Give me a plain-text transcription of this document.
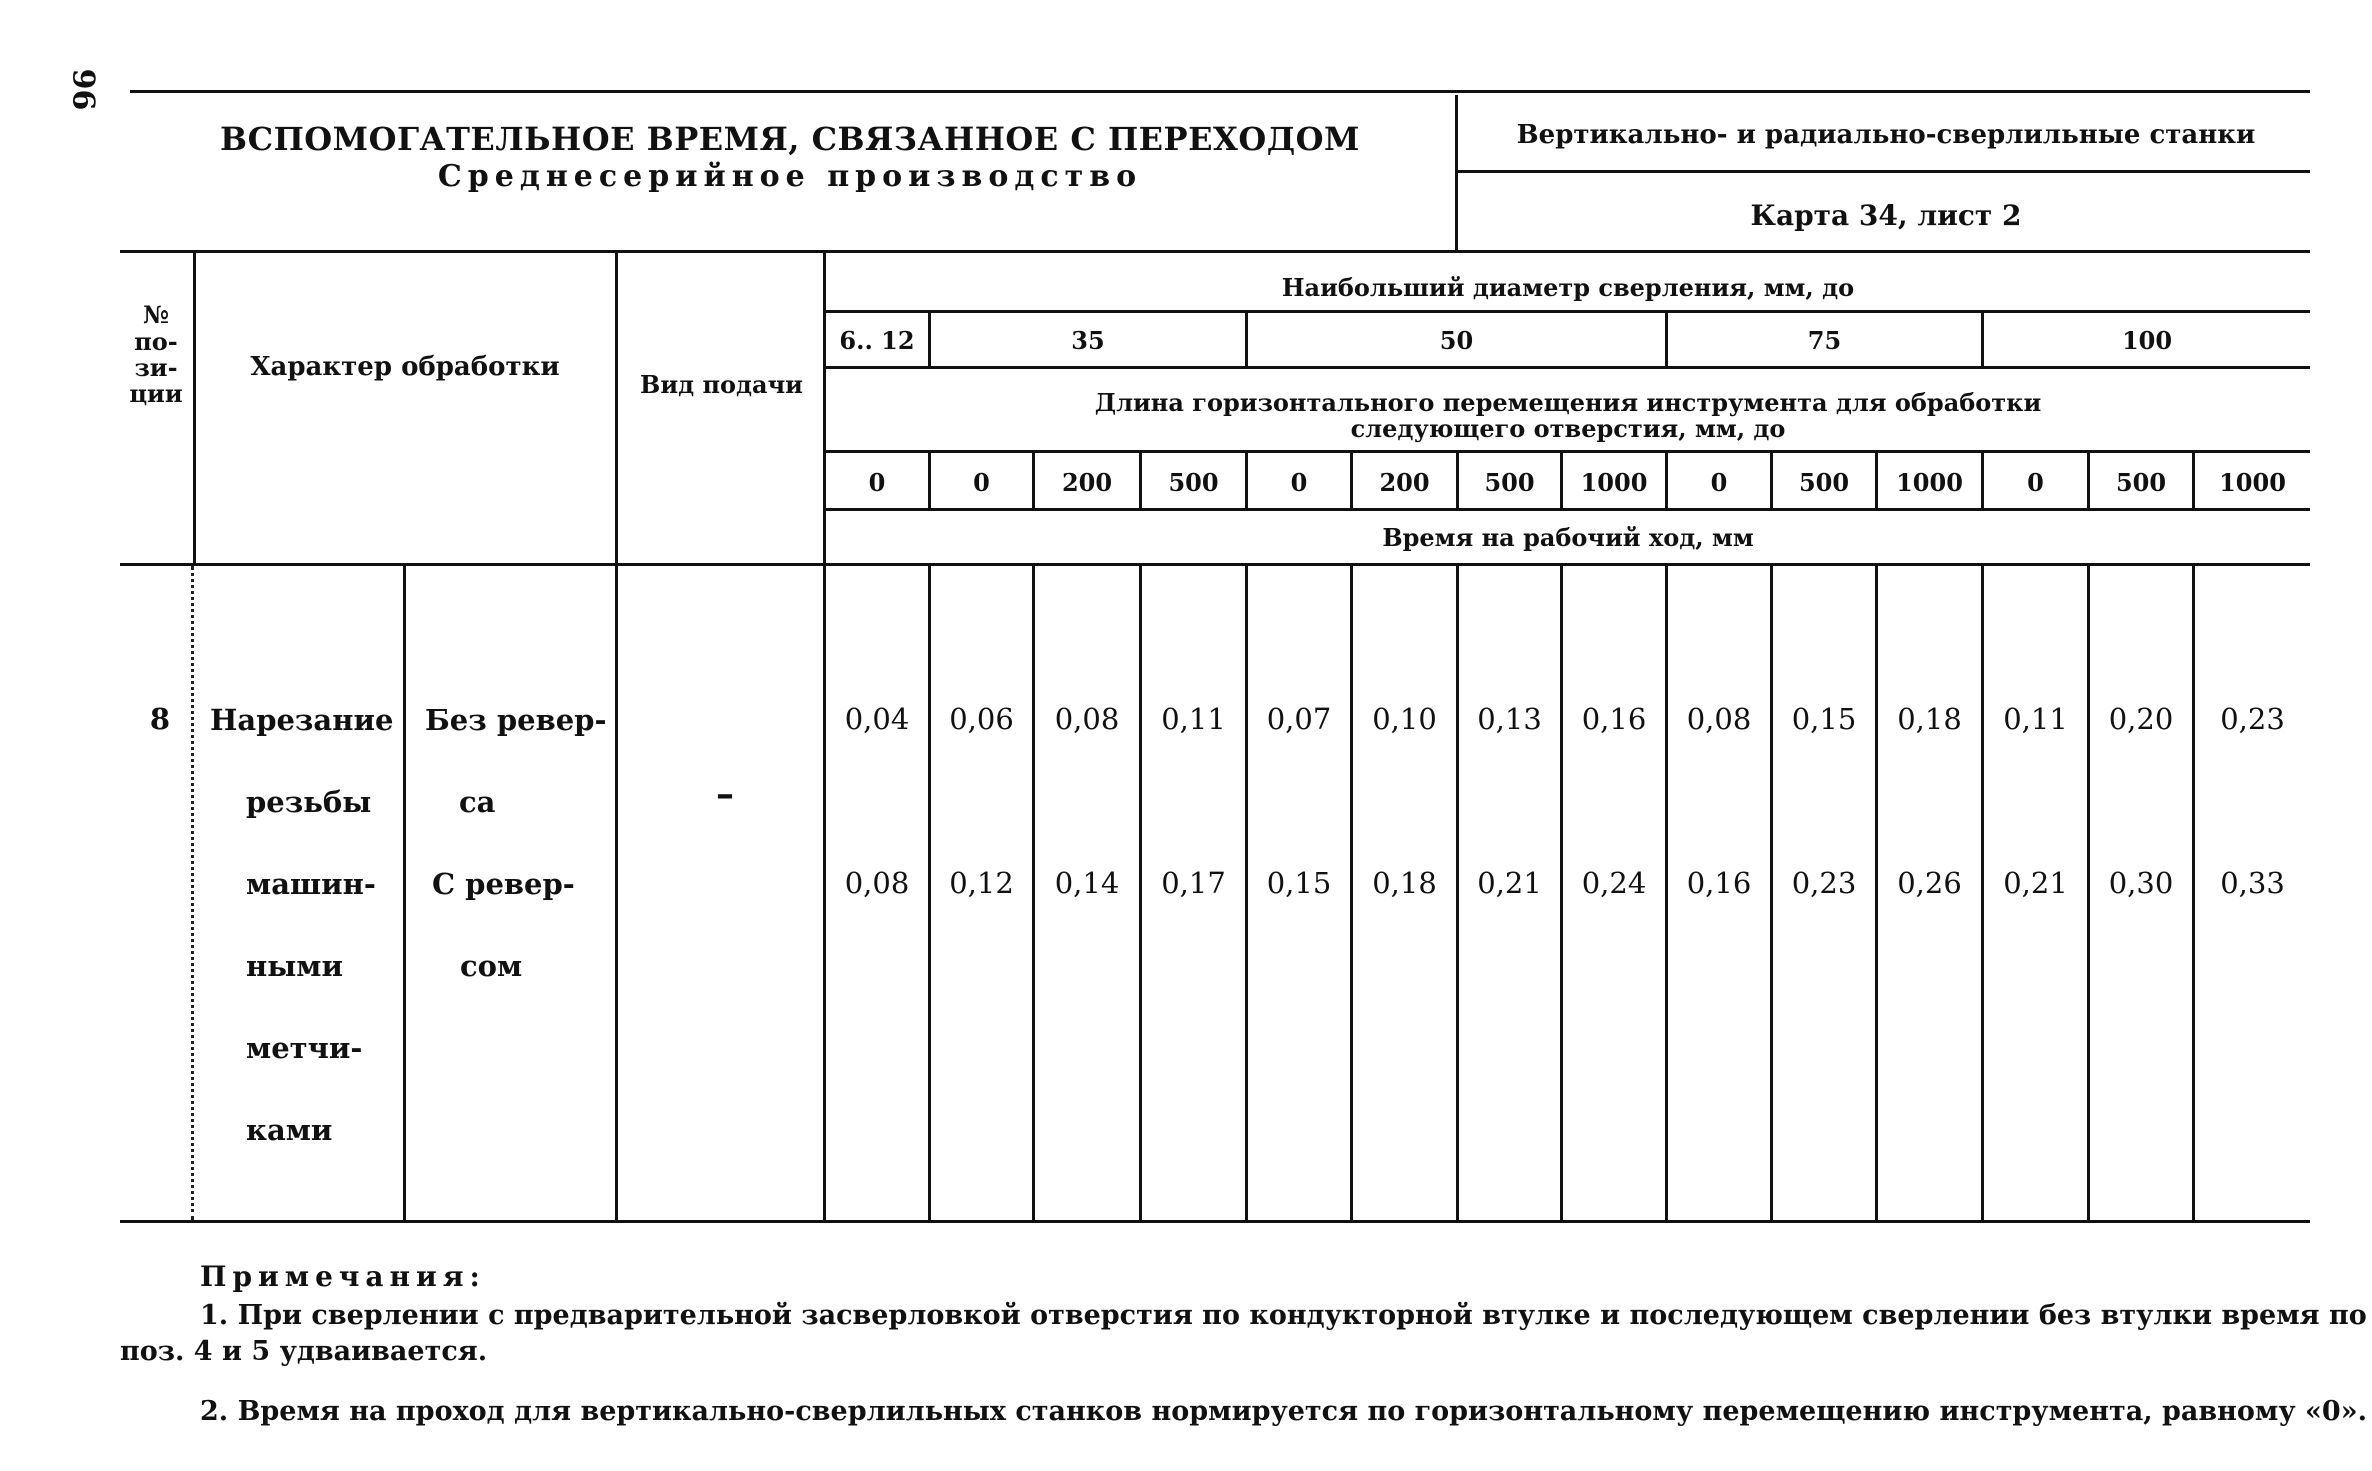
96
ВСПОМОГАТЕЛЬНОЕ ВРЕМЯ, СВЯЗАННОЕ С ПЕРЕХОДОМ
Среднесерийное производство
Вертикально- и радиально-сверлильные станки
Карта 34, лист 2
№ по- зи- ции
Характер обработки
Вид подачи
Наибольший диаметр сверления, мм, до
6.. 12	35	50	75	100
Длина горизонтального перемещения инструмента для обработки
следующего отверстия, мм, до
0	0	200	500	0	200	500	1000	0	500	1000	0	500	1000
Время на рабочий ход, мм
8	Нарезание
резьбы
машин-
ными
метчи-
ками
Без ревер-
са
С ревер-
сом
–
0,04	0,06	0,08	0,11	0,07	0,10	0,13	0,16	0,08	0,15	0,18	0,11	0,20	0,23
0,08	0,12	0,14	0,17	0,15	0,18	0,21	0,24	0,16	0,23	0,26	0,21	0,30	0,33
Примечания:
1. При сверлении с предварительной засверловкой отверстия по кондукторной втулке и последующем сверлении без втулки время по
поз. 4 и 5 удваивается.
2. Время на проход для вертикально-сверлильных станков нормируется по горизонтальному перемещению инструмента, равному «0».
